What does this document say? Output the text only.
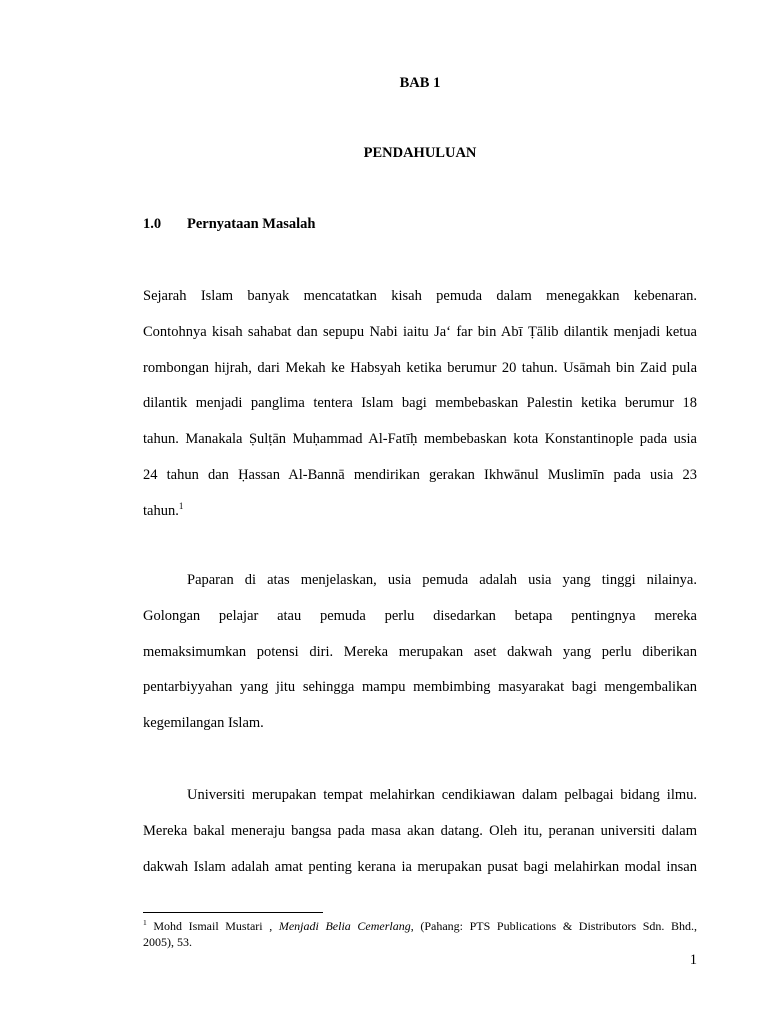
BAB 1
PENDAHULUAN
1.0 Pernyataan Masalah
Sejarah Islam banyak mencatatkan kisah pemuda dalam menegakkan kebenaran.
Contohnya kisah sahabat dan sepupu Nabi iaitu Jaʻ far bin Abī Ṭālib dilantik menjadi ketua
rombongan hijrah, dari Mekah ke Habsyah ketika berumur 20 tahun. Usāmah bin Zaid pula
dilantik menjadi panglima tentera Islam bagi membebaskan Palestin ketika berumur 18
tahun. Manakala Ṣulṭān Muḥammad Al-Fatīḥ membebaskan kota Konstantinople pada usia
24 tahun dan Ḥassan Al-Bannā mendirikan gerakan Ikhwānul Muslimīn pada usia 23
tahun.$^1$
Paparan di atas menjelaskan, usia pemuda adalah usia yang tinggi nilainya.
Golongan pelajar atau pemuda perlu disedarkan betapa pentingnya mereka
memaksimumkan potensi diri. Mereka merupakan aset dakwah yang perlu diberikan
pentarbiyyahan yang jitu sehingga mampu membimbing masyarakat bagi mengembalikan
kegemilangan Islam.
Universiti merupakan tempat melahirkan cendikiawan dalam pelbagai bidang ilmu.
Mereka bakal meneraju bangsa pada masa akan datang. Oleh itu, peranan universiti dalam
dakwah Islam adalah amat penting kerana ia merupakan pusat bagi melahirkan modal insan
$^1$ Mohd Ismail Mustari , Menjadi Belia Cemerlang, (Pahang: PTS Publications & Distributors Sdn. Bhd.,
2005), 53.
1
